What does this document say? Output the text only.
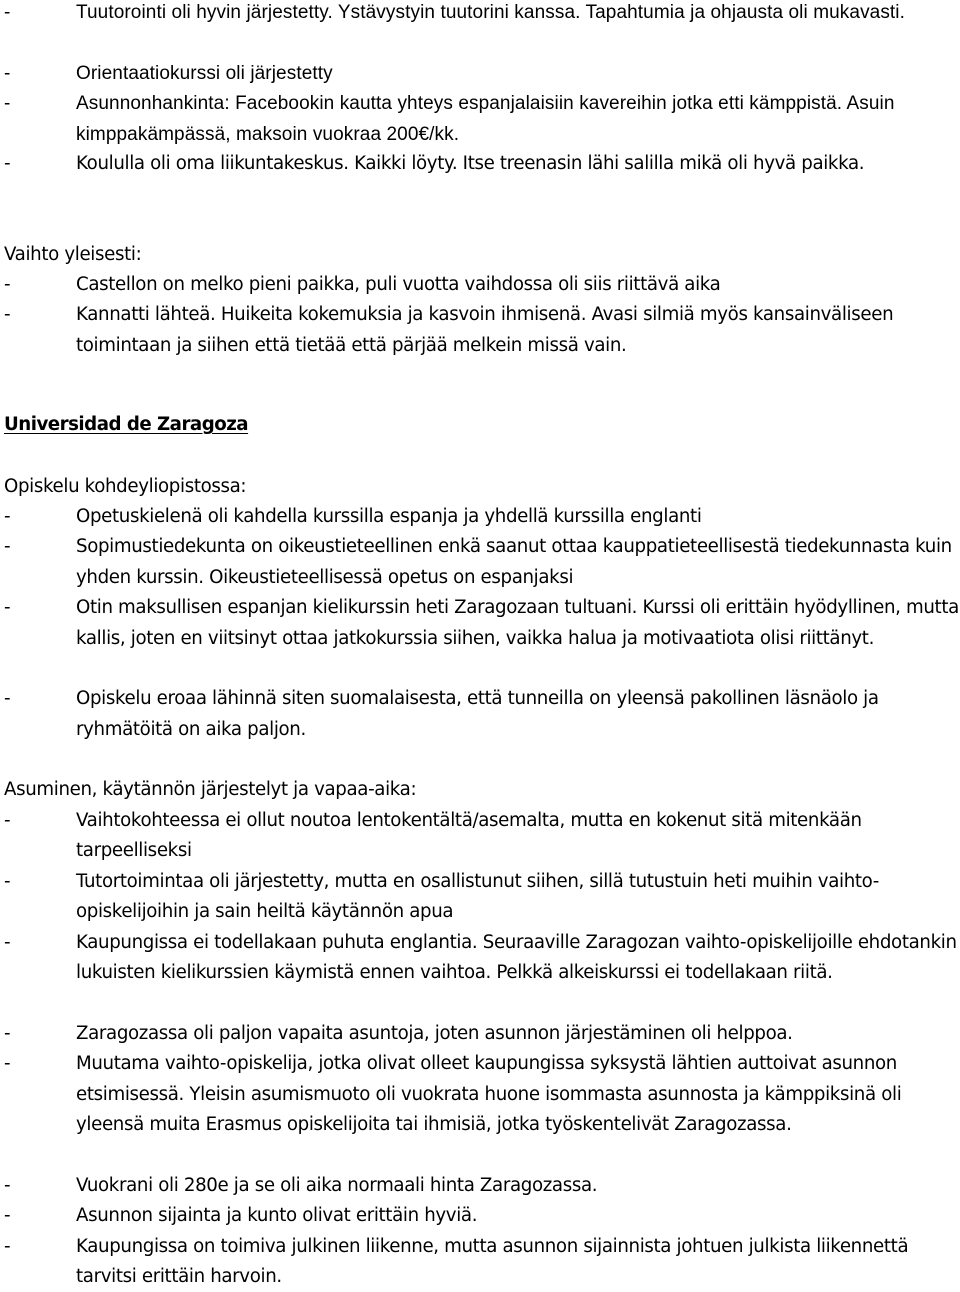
-	Tuutorointi oli hyvin järjestetty. Ystävystyin tuutorini kanssa. Tapahtumia ja ohjausta oli mukavasti.
-	Orientaatiokurssi oli järjestetty
-	Asunnonhankinta: Facebookin kautta yhteys espanjalaisiin kavereihin jotka etti kämppistä. Asuin kimppakämpässä, maksoin vuokraa 200€/kk.
-	Koululla oli oma liikuntakeskus. Kaikki löyty. Itse treenasin lähi salilla mikä oli hyvä paikka.
Vaihto yleisesti:
-	Castellon on melko pieni paikka, puli vuotta vaihdossa oli siis riittävä aika
-	Kannatti lähteä. Huikeita kokemuksia ja kasvoin ihmisenä. Avasi silmiä myös kansainväliseen toimintaan ja siihen että tietää että pärjää melkein missä vain.
Universidad de Zaragoza
Opiskelu kohdeyliopistossa:
-	Opetuskielenä oli kahdella kurssilla espanja ja yhdellä kurssilla englanti
-	Sopimustiedekunta on oikeustieteellinen enkä saanut ottaa kauppatieteellisestä tiedekunnasta kuin yhden kurssin. Oikeustieteellisessä opetus on espanjaksi
-	Otin maksullisen espanjan kielikurssin heti Zaragozaan tultuani. Kurssi oli erittäin hyödyllinen, mutta kallis, joten en viitsinyt ottaa jatkokurssia siihen, vaikka halua ja motivaatiota olisi riittänyt.
-	Opiskelu eroaa lähinnä siten suomalaisesta, että tunneilla on yleensä pakollinen läsnäolo ja ryhmätöitä on aika paljon.
Asuminen, käytännön järjestelyt ja vapaa-aika:
-	Vaihtokohteessa ei ollut noutoa lentokentältä/asemalta, mutta en kokenut sitä mitenkään tarpeelliseksi
-	Tutortoimintaa oli järjestetty, mutta en osallistunut siihen, sillä tutustuin heti muihin vaihto-opiskelijoihin ja sain heiltä käytännön apua
-	Kaupungissa ei todellakaan puhuta englantia. Seuraaville Zaragozan vaihto-opiskelijoille ehdotankin lukuisten kielikurssien käymistä ennen vaihtoa. Pelkkä alkeiskurssi ei todellakaan riitä.
-	Zaragozassa oli paljon vapaita asuntoja, joten asunnon järjestäminen oli helppoa.
-	Muutama vaihto-opiskelija, jotka olivat olleet kaupungissa syksystä lähtien auttoivat asunnon etsimisessä. Yleisin asumismuoto oli vuokrata huone isommasta asunnosta ja kämppiksinä oli yleensä muita Erasmus opiskelijoita tai ihmisiä, jotka työskentelivät Zaragozassa.
-	Vuokrani oli 280e ja se oli aika normaali hinta Zaragozassa.
-	Asunnon sijainta ja kunto olivat erittäin hyviä.
-	Kaupungissa on toimiva julkinen liikenne, mutta asunnon sijainnista johtuen julkista liikennettä tarvitsi erittäin harvoin.
